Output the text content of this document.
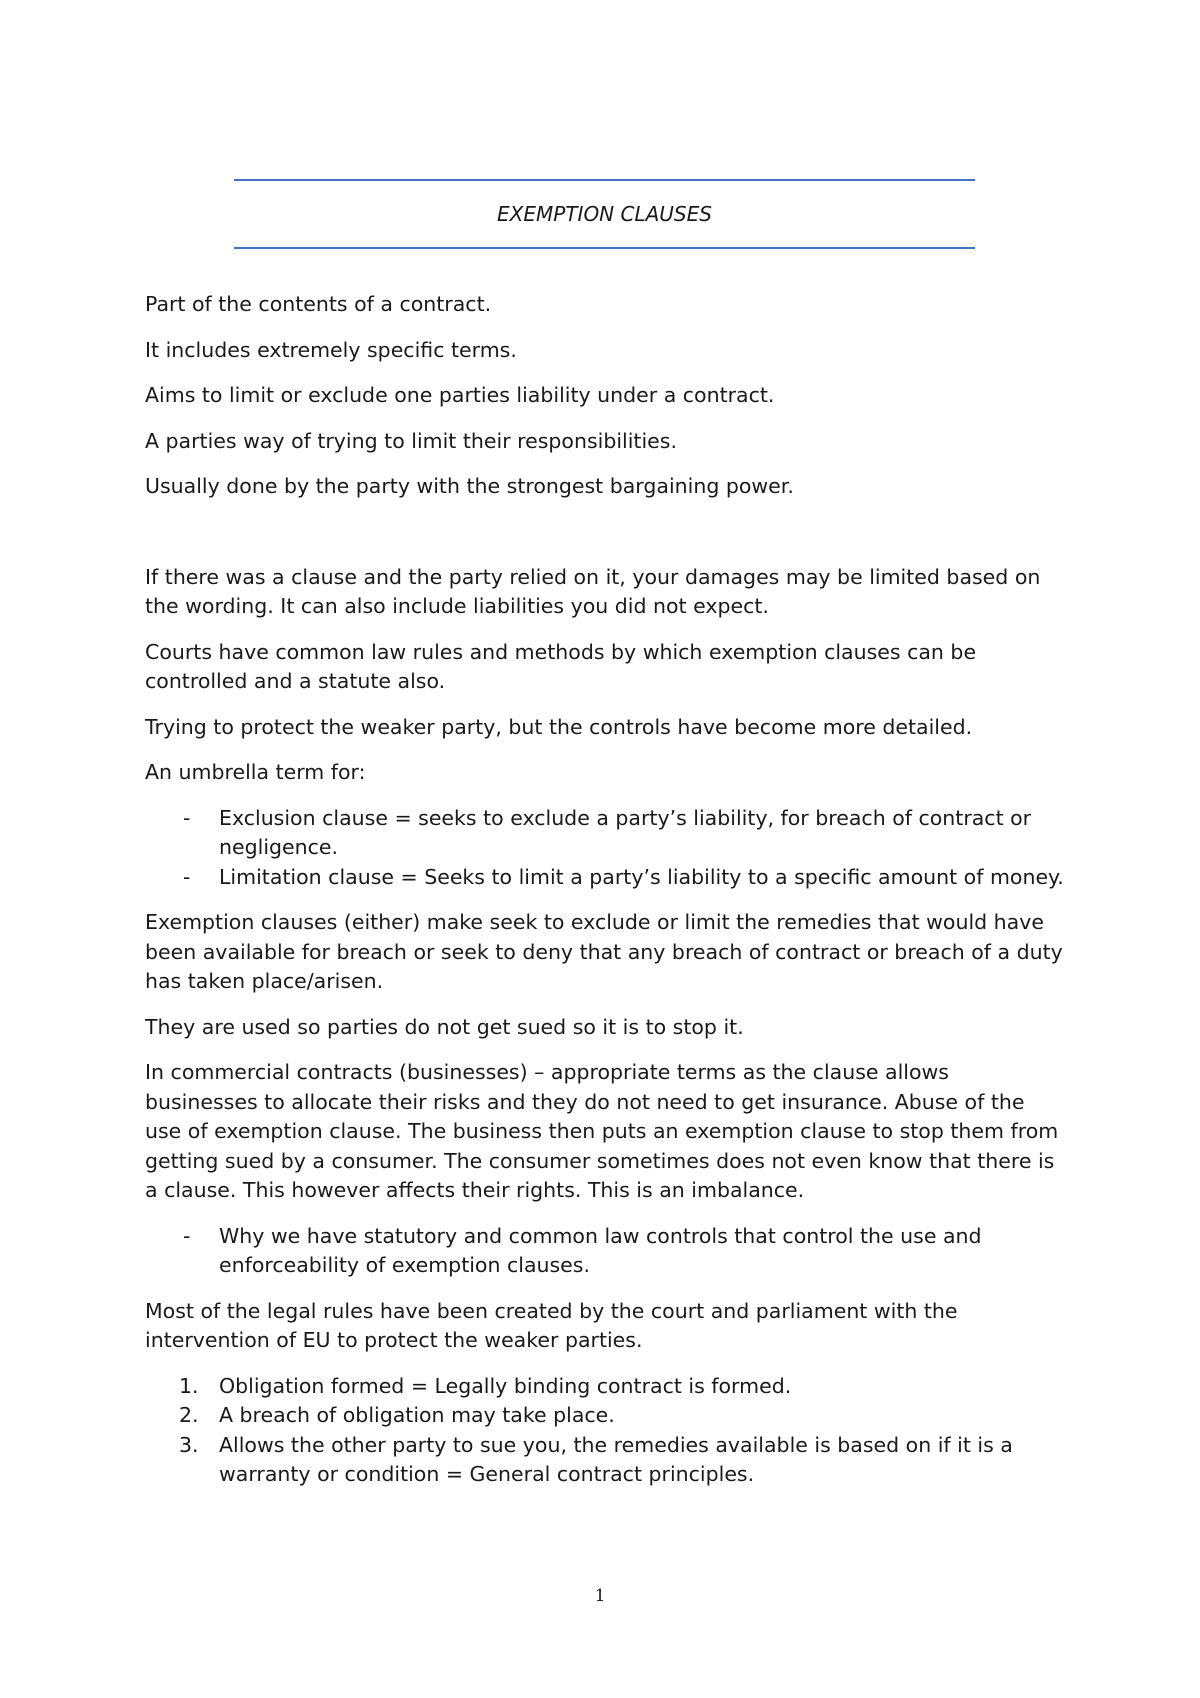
EXEMPTION CLAUSES

Part of the contents of a contract.

It includes extremely specific terms.

Aims to limit or exclude one parties liability under a contract.

A parties way of trying to limit their responsibilities.

Usually done by the party with the strongest bargaining power.

If there was a clause and the party relied on it, your damages may be limited based on the wording. It can also include liabilities you did not expect.

Courts have common law rules and methods by which exemption clauses can be controlled and a statute also.

Trying to protect the weaker party, but the controls have become more detailed.

An umbrella term for:

- Exclusion clause = seeks to exclude a party’s liability, for breach of contract or negligence.
- Limitation clause = Seeks to limit a party’s liability to a specific amount of money.

Exemption clauses (either) make seek to exclude or limit the remedies that would have been available for breach or seek to deny that any breach of contract or breach of a duty has taken place/arisen.

They are used so parties do not get sued so it is to stop it.

In commercial contracts (businesses) – appropriate terms as the clause allows businesses to allocate their risks and they do not need to get insurance. Abuse of the use of exemption clause. The business then puts an exemption clause to stop them from getting sued by a consumer. The consumer sometimes does not even know that there is a clause. This however affects their rights. This is an imbalance.

- Why we have statutory and common law controls that control the use and enforceability of exemption clauses.

Most of the legal rules have been created by the court and parliament with the intervention of EU to protect the weaker parties.

1. Obligation formed = Legally binding contract is formed.
2. A breach of obligation may take place.
3. Allows the other party to sue you, the remedies available is based on if it is a warranty or condition = General contract principles.
1
